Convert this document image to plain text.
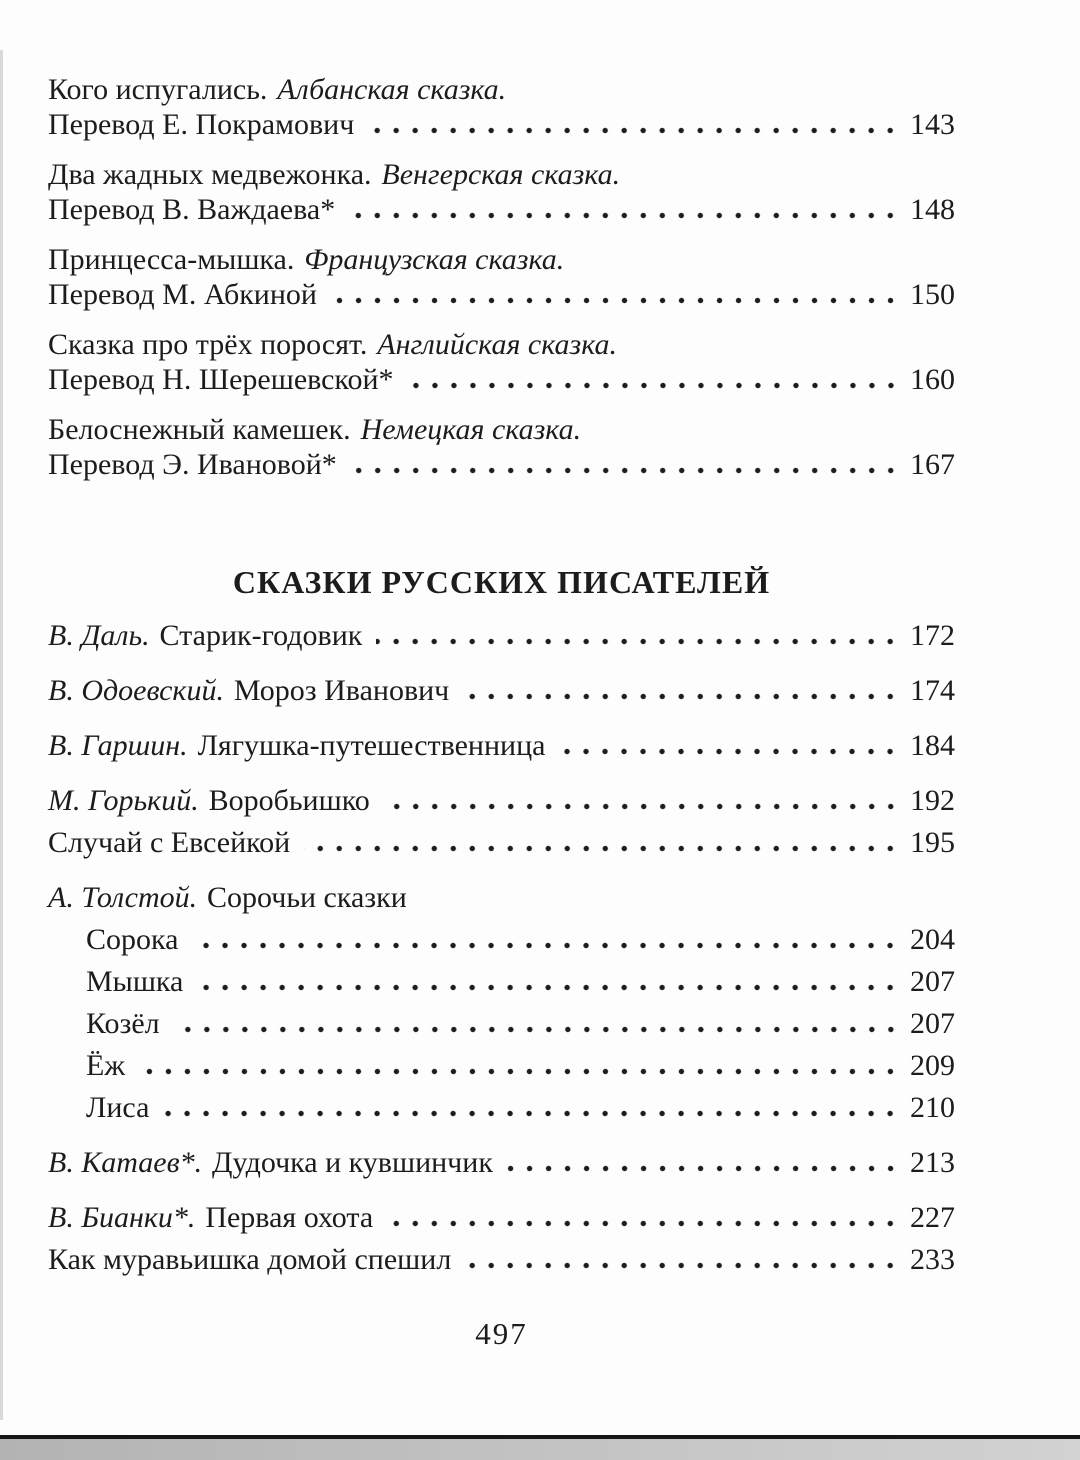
Кого испугались. Албанская сказка.
Перевод Е. Покрамович	143
Два жадных медвежонка. Венгерская сказка.
Перевод В. Важдаева*	148
Принцесса-мышка. Французская сказка.
Перевод М. Абкиной	150
Сказка про трёх поросят. Английская сказка.
Перевод Н. Шерешевской*	160
Белоснежный камешек. Немецкая сказка.
Перевод Э. Ивановой*	167
СКАЗКИ РУССКИХ ПИСАТЕЛЕЙ
В. Даль. Старик-годовик	172
В. Одоевский. Мороз Иванович	174
В. Гаршин. Лягушка-путешественница	184
М. Горький. Воробьишко	192
Случай с Евсейкой	195
А. Толстой. Сорочьи сказки
Сорока	204
Мышка	207
Козёл	207
Ёж	209
Лиса	210
В. Катаев*. Дудочка и кувшинчик	213
В. Бианки*. Первая охота	227
Как муравьишка домой спешил	233
497
